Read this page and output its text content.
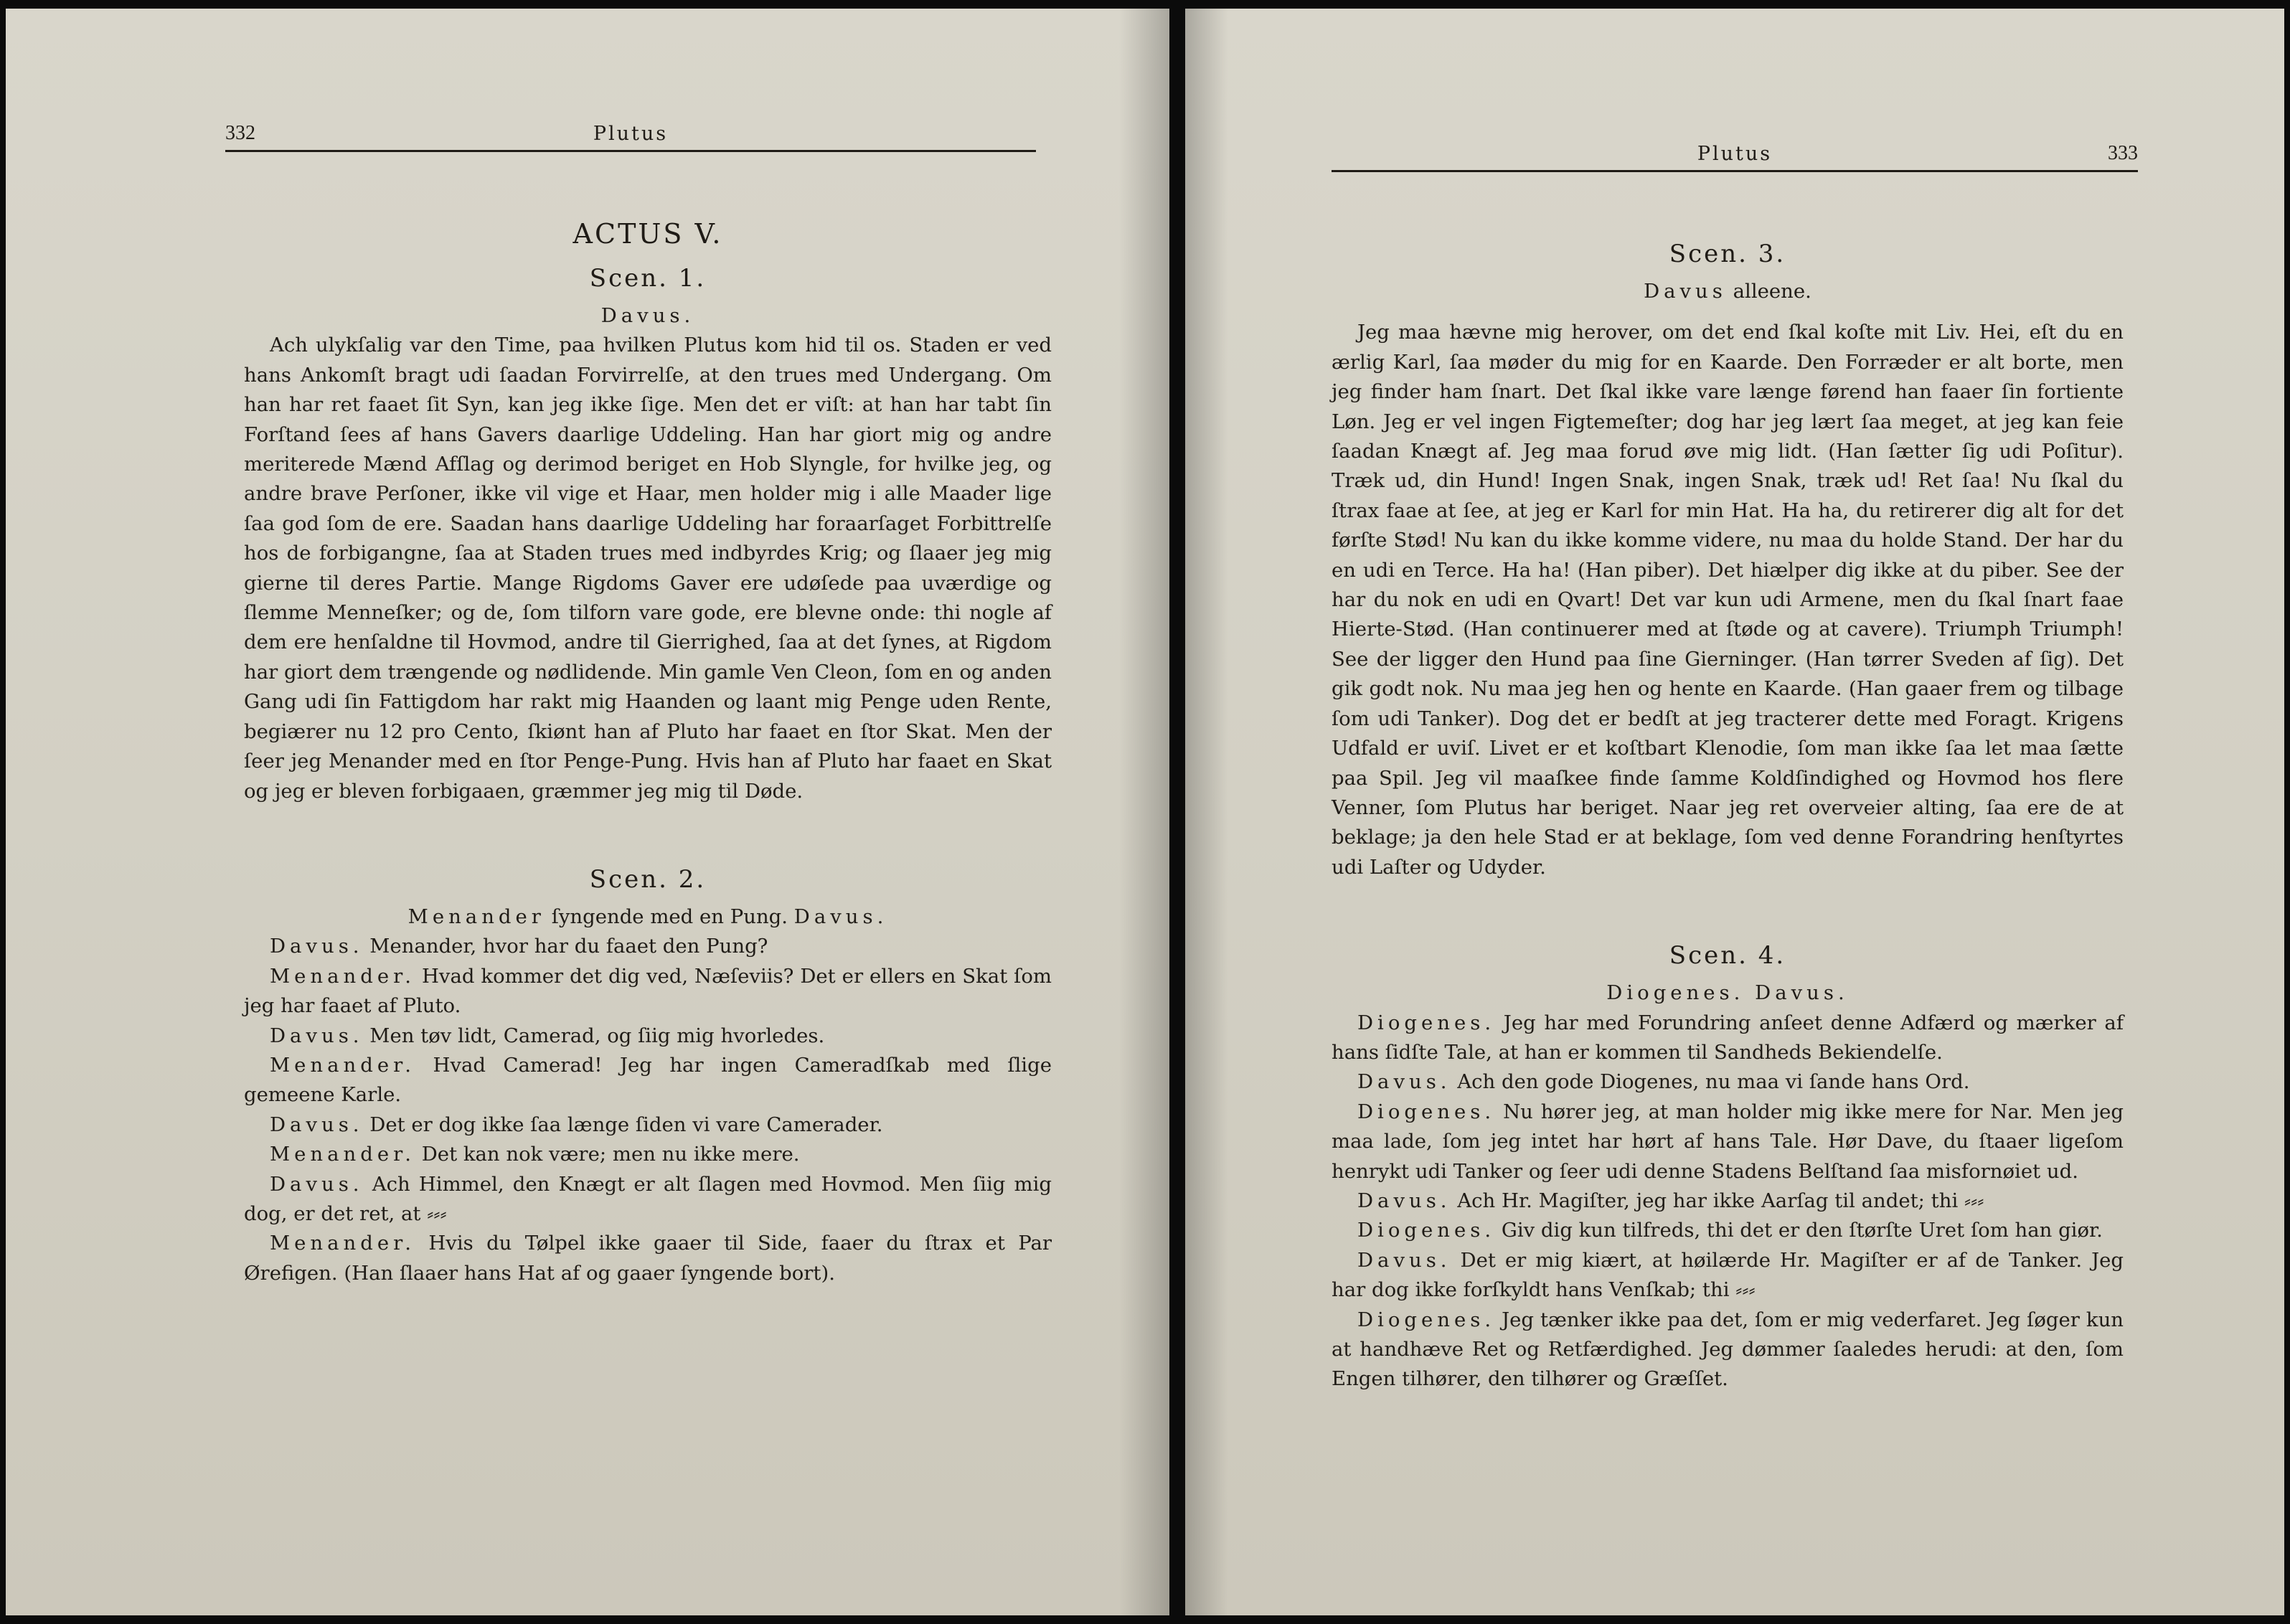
332	Plutus
ACTUS V.
Scen. 1.
Davus.

Ach ulykſalig var den Time, paa hvilken Plutus kom hid til os. Staden er ved hans Ankomſt bragt udi ſaadan Forvirrelſe, at den trues med Undergang. Om han har ret faaet ſit Syn, kan jeg ikke ſige. Men det er viſt: at han har tabt ſin Forſtand ſees af hans Gavers daarlige Uddeling. Han har giort mig og andre meriterede Mænd Afſlag og derimod beriget en Hob Slyngle, for hvilke jeg, og andre brave Perſoner, ikke vil vige et Haar, men holder mig i alle Maader lige ſaa god ſom de ere. Saadan hans daarlige Uddeling har foraarſaget Forbittrelſe hos de forbigangne, ſaa at Staden trues med indbyrdes Krig; og ſlaaer jeg mig gierne til deres Partie. Mange Rigdoms Gaver ere udøſede paa uværdige og ſlemme Menneſker; og de, ſom tilforn vare gode, ere blevne onde: thi nogle af dem ere henſaldne til Hovmod, andre til Gierrighed, ſaa at det ſynes, at Rigdom har giort dem trængende og nødlidende. Min gamle Ven Cleon, ſom en og anden Gang udi ſin Fattigdom har rakt mig Haanden og laant mig Penge uden Rente, begiærer nu 12 pro Cento, ſkiønt han af Pluto har faaet en ſtor Skat. Men der ſeer jeg Menander med en ſtor Penge-Pung. Hvis han af Pluto har faaet en Skat og jeg er bleven forbigaaen, græmmer jeg mig til Døde.

Scen. 2.
Menander ſyngende med en Pung. Davus.

Davus. Menander, hvor har du faaet den Pung?

Menander. Hvad kommer det dig ved, Næſeviis? Det er ellers en Skat ſom jeg har faaet af Pluto.

Davus. Men tøv lidt, Camerad, og ſiig mig hvorledes.

Menander. Hvad Camerad! Jeg har ingen Cameradſkab med ſlige gemeene Karle.

Davus. Det er dog ikke ſaa længe ſiden vi vare Camerader.

Menander. Det kan nok være; men nu ikke mere.

Davus. Ach Himmel, den Knægt er alt ſlagen med Hovmod. Men ſiig mig dog, er det ret, at ⸗⸗⸗

Menander. Hvis du Tølpel ikke gaaer til Side, faaer du ſtrax et Par Ørefigen. (Han ſlaaer hans Hat af og gaaer ſyngende bort).

Plutus	333
Scen. 3.
Davus alleene.

Jeg maa hævne mig herover, om det end ſkal koſte mit Liv. Hei, eſt du en ærlig Karl, ſaa møder du mig for en Kaarde. Den Forræder er alt borte, men jeg finder ham ſnart. Det ſkal ikke vare længe førend han faaer ſin fortiente Løn. Jeg er vel ingen Figtemeſter; dog har jeg lært ſaa meget, at jeg kan feie ſaadan Knægt af. Jeg maa forud øve mig lidt. (Han ſætter ſig udi Poſitur). Træk ud, din Hund! Ingen Snak, ingen Snak, træk ud! Ret ſaa! Nu ſkal du ſtrax faae at ſee, at jeg er Karl for min Hat. Ha ha, du retirerer dig alt for det førſte Stød! Nu kan du ikke komme videre, nu maa du holde Stand. Der har du en udi en Terce. Ha ha! (Han piber). Det hiælper dig ikke at du piber. See der har du nok en udi en Qvart! Det var kun udi Armene, men du ſkal ſnart faae Hierte-Stød. (Han continuerer med at ſtøde og at cavere). Triumph Triumph! See der ligger den Hund paa ſine Gierninger. (Han tørrer Sveden af ſig). Det gik godt nok. Nu maa jeg hen og hente en Kaarde. (Han gaaer frem og tilbage ſom udi Tanker). Dog det er bedſt at jeg tracterer dette med Foragt. Krigens Udfald er uviſ. Livet er et koſtbart Klenodie, ſom man ikke ſaa let maa ſætte paa Spil. Jeg vil maaſkee finde ſamme Koldſindighed og Hovmod hos flere Venner, ſom Plutus har beriget. Naar jeg ret overveier alting, ſaa ere de at beklage; ja den hele Stad er at beklage, ſom ved denne Forandring henſtyrtes udi Laſter og Udyder.

Scen. 4.
Diogenes. Davus.

Diogenes. Jeg har med Forundring anſeet denne Adfærd og mærker af hans ſidſte Tale, at han er kommen til Sandheds Bekiendelſe.

Davus. Ach den gode Diogenes, nu maa vi ſande hans Ord.

Diogenes. Nu hører jeg, at man holder mig ikke mere for Nar. Men jeg maa lade, ſom jeg intet har hørt af hans Tale. Hør Dave, du ſtaaer ligeſom henrykt udi Tanker og ſeer udi denne Stadens Belſtand ſaa misfornøiet ud.

Davus. Ach Hr. Magiſter, jeg har ikke Aarſag til andet; thi ⸗⸗⸗

Diogenes. Giv dig kun tilfreds, thi det er den ſtørſte Uret ſom han giør.

Davus. Det er mig kiært, at høilærde Hr. Magiſter er af de Tanker. Jeg har dog ikke forſkyldt hans Venſkab; thi ⸗⸗⸗

Diogenes. Jeg tænker ikke paa det, ſom er mig vederfaret. Jeg ſøger kun at handhæve Ret og Retfærdighed. Jeg dømmer ſaaledes herudi: at den, ſom Engen tilhører, den tilhører og Græſſet.
